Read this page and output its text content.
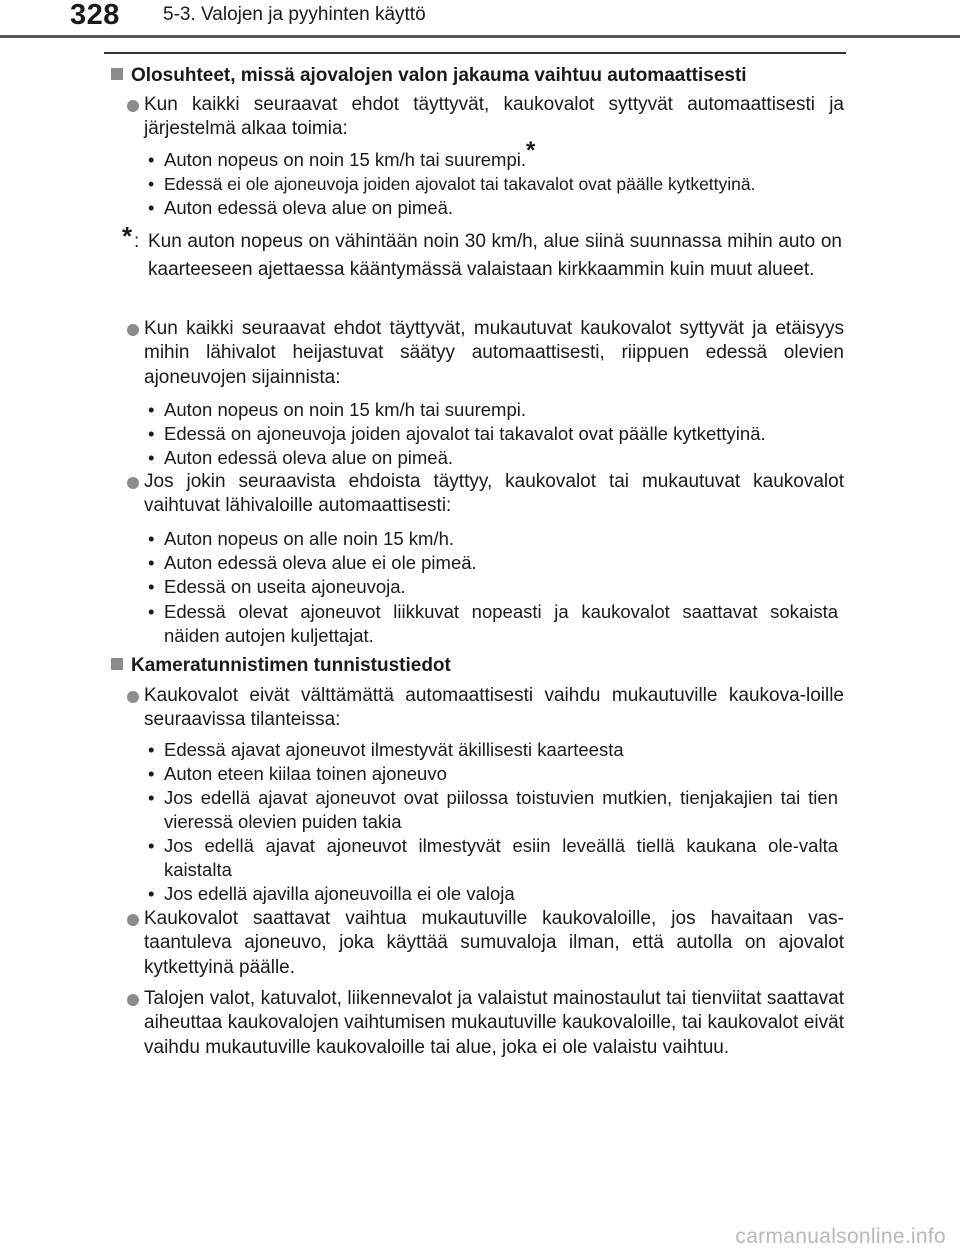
328 5-3. Valojen ja pyyhinten käyttö
Olosuhteet, missä ajovalojen valon jakauma vaihtuu automaattisesti
Kun kaikki seuraavat ehdot täyttyvät, kaukovalot syttyvät automaattisesti ja järjestelmä alkaa toimia:
• Auton nopeus on noin 15 km/h tai suurempi.*
• Edessä ei ole ajoneuvoja joiden ajovalot tai takavalot ovat päälle kytkettyinä.
• Auton edessä oleva alue on pimeä.
* : Kun auton nopeus on vähintään noin 30 km/h, alue siinä suunnassa mihin auto on kaarteeseen ajettaessa kääntymässä valaistaan kirkkaammin kuin muut alueet.
Kun kaikki seuraavat ehdot täyttyvät, mukautuvat kaukovalot syttyvät ja etäisyys mihin lähivalot heijastuvat säätyy automaattisesti, riippuen edessä olevien ajoneuvojen sijainnista:
• Auton nopeus on noin 15 km/h tai suurempi.
• Edessä on ajoneuvoja joiden ajovalot tai takavalot ovat päälle kytkettyinä.
• Auton edessä oleva alue on pimeä.
Jos jokin seuraavista ehdoista täyttyy, kaukovalot tai mukautuvat kaukovalot vaihtuvat lähivaloille automaattisesti:
• Auton nopeus on alle noin 15 km/h.
• Auton edessä oleva alue ei ole pimeä.
• Edessä on useita ajoneuvoja.
• Edessä olevat ajoneuvot liikkuvat nopeasti ja kaukovalot saattavat sokaista näiden autojen kuljettajat.
Kameratunnistimen tunnistustiedot
Kaukovalot eivät välttämättä automaattisesti vaihdu mukautuville kaukova-loille seuraavissa tilanteissa:
• Edessä ajavat ajoneuvot ilmestyvät äkillisesti kaarteesta
• Auton eteen kiilaa toinen ajoneuvo
• Jos edellä ajavat ajoneuvot ovat piilossa toistuvien mutkien, tienjakajien tai tien vieressä olevien puiden takia
• Jos edellä ajavat ajoneuvot ilmestyvät esiin leveällä tiellä kaukana ole-valta kaistalta
• Jos edellä ajavilla ajoneuvoilla ei ole valoja
Kaukovalot saattavat vaihtua mukautuville kaukovaloille, jos havaitaan vas-taantuleva ajoneuvo, joka käyttää sumuvaloja ilman, että autolla on ajovalot kytkettyinä päälle.
Talojen valot, katuvalot, liikennevalot ja valaistut mainostaulut tai tienviitat saattavat aiheuttaa kaukovalojen vaihtumisen mukautuville kaukovaloille, tai kaukovalot eivät vaihdu mukautuville kaukovaloille tai alue, joka ei ole valaistu vaihtuu.
carmanualsonline.info
